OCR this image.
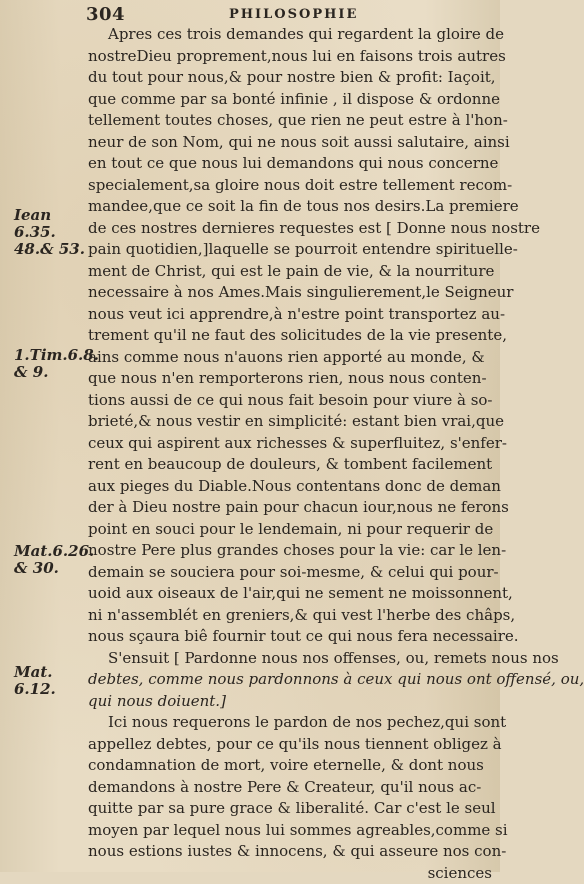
304	PHILOSOPHIE
Iean 6.35.
48.& 53.
1.Tim.6.8.
& 9.
Mat.6.26.
& 30.
Mat. 6.12.
Apres ces trois demandes qui regardent la gloire de
nostreDieu proprement,nous lui en faisons trois autres
du tout pour nous,& pour nostre bien & profit: Iaçoit,
que comme par sa bonté infinie , il dispose & ordonne
tellement toutes choses, que rien ne peut estre à l'hon-
neur de son Nom, qui ne nous soit aussi salutaire, ainsi
en tout ce que nous lui demandons qui nous concerne
specialement,sa gloire nous doit estre tellement recom-
mandee,que ce soit la fin de tous nos desirs.La premiere
de ces nostres dernieres requestes est [ Donne nous nostre
pain quotidien,]laquelle se pourroit entendre spirituelle-
ment de Christ, qui est le pain de vie, & la nourriture
necessaire à nos Ames.Mais singulierement,le Seigneur
nous veut ici apprendre,à n'estre point transportez au-
trement qu'il ne faut des solicitudes de la vie presente,
ains comme nous n'auons rien apporté au monde, &
que nous n'en remporterons rien, nous nous conten-
tions aussi de ce qui nous fait besoin pour viure à so-
brieté,& nous vestir en simplicité: estant bien vrai,que
ceux qui aspirent aux richesses & superfluitez, s'enfer-
rent en beaucoup de douleurs, & tombent facilement
aux pieges du Diable.Nous contentans donc de deman
der à Dieu nostre pain pour chacun iour,nous ne ferons
point en souci pour le lendemain, ni pour requerir de
nostre Pere plus grandes choses pour la vie: car le len-
demain se souciera pour soi-mesme, & celui qui pour-
uoid aux oiseaux de l'air,qui ne sement ne moissonnent,
ni n'assemblét en greniers,& qui vest l'herbe des châps,
nous sçaura biê fournir tout ce qui nous fera necessaire.
S'ensuit [ Pardonne nous nos offenses, ou, remets nous nos
debtes, comme nous pardonnons à ceux qui nous ont offensé, ou,
qui nous doiuent.]
Ici nous requerons le pardon de nos pechez,qui sont
appellez debtes, pour ce qu'ils nous tiennent obligez à
condamnation de mort, voire eternelle, & dont nous
demandons à nostre Pere & Createur, qu'il nous ac-
quitte par sa pure grace & liberalité. Car c'est le seul
moyen par lequel nous lui sommes agreables,comme si
nous estions iustes & innocens, & qui asseure nos con-
sciences
